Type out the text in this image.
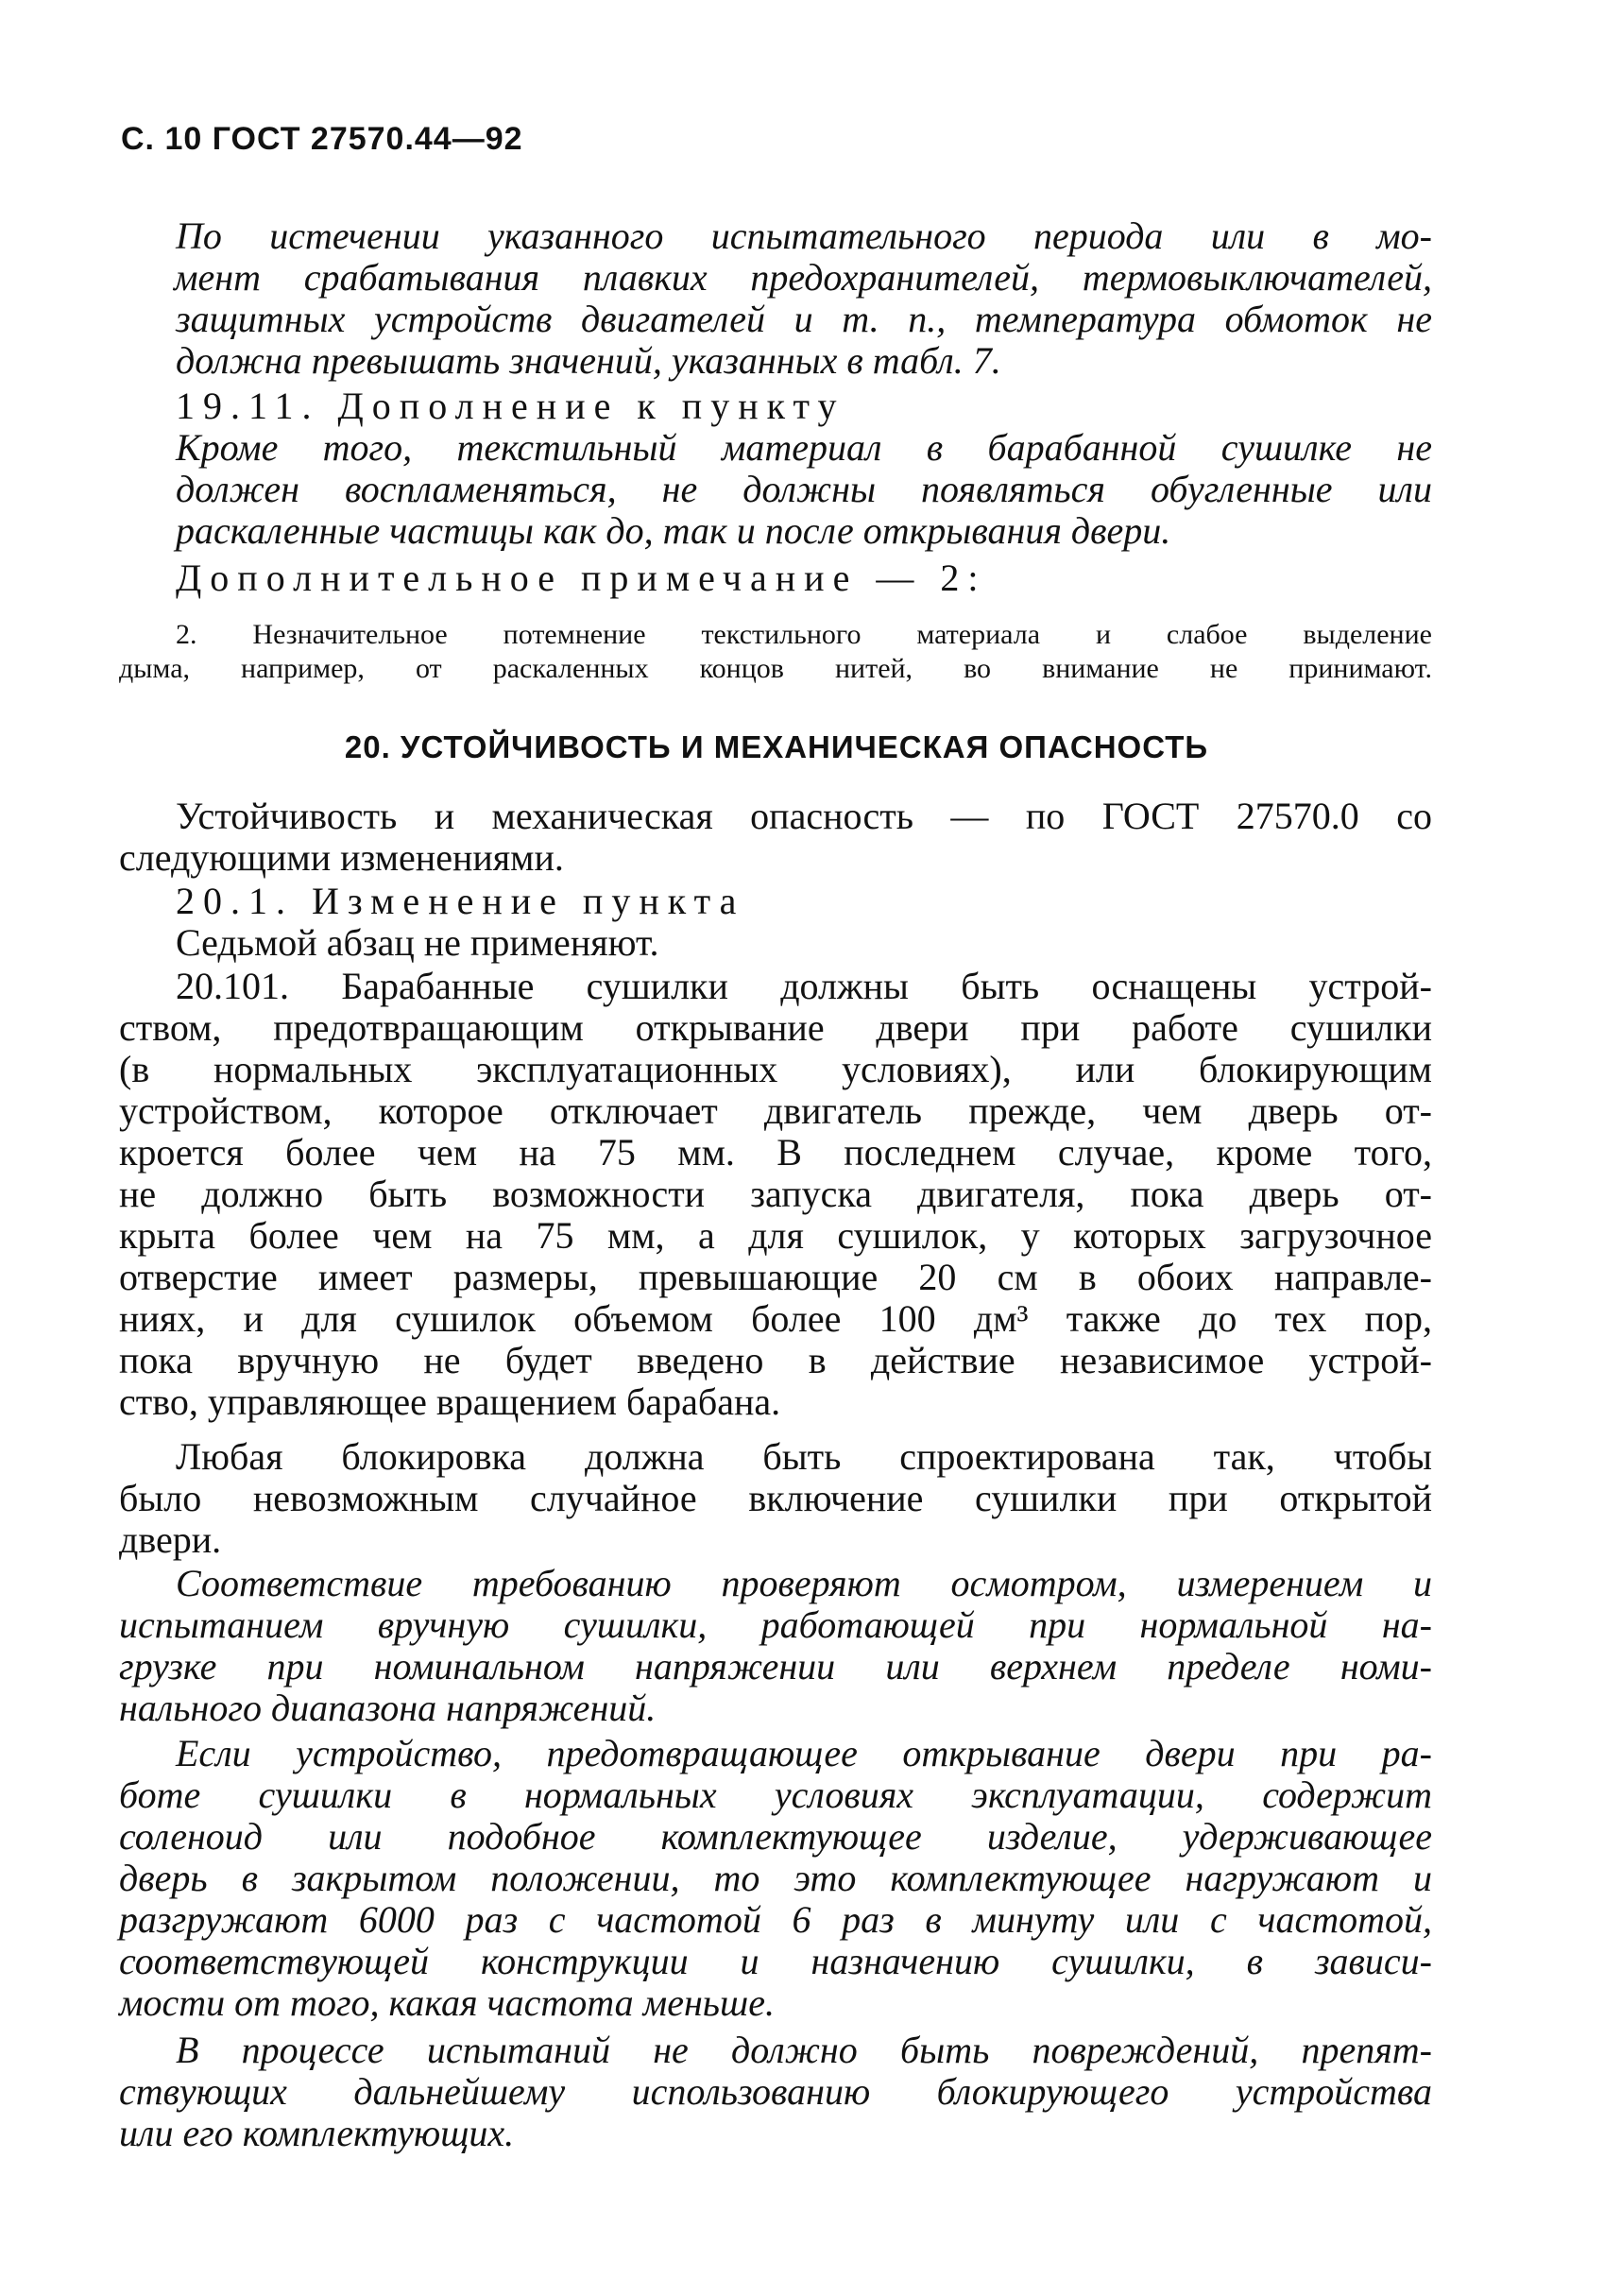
С. 10 ГОСТ 27570.44—92
По истечении указанного испытательного периода или в мо-
мент срабатывания плавких предохранителей, термовыключателей,
защитных устройств двигателей и т. п., температура обмоток не
должна превышать значений, указанных в табл. 7.
19.11. Дополнение к пункту
Кроме того, текстильный материал в барабанной сушилке не
должен воспламеняться, не должны появляться обугленные или
раскаленные частицы как до, так и после открывания двери.
Дополнительное примечание — 2:
2. Незначительное потемнение текстильного материала и слабое выделение
дыма, например, от раскаленных концов нитей, во внимание не принимают.
20. УСТОЙЧИВОСТЬ И МЕХАНИЧЕСКАЯ ОПАСНОСТЬ
Устойчивость и механическая опасность — по ГОСТ 27570.0 со
следующими изменениями.
20.1. Изменение пункта
Седьмой абзац не применяют.
20.101. Барабанные сушилки должны быть оснащены устрой-
ством, предотвращающим открывание двери при работе сушилки
(в нормальных эксплуатационных условиях), или блокирующим
устройством, которое отключает двигатель прежде, чем дверь от-
кроется более чем на 75 мм. В последнем случае, кроме того,
не должно быть возможности запуска двигателя, пока дверь от-
крыта более чем на 75 мм, а для сушилок, у которых загрузочное
отверстие имеет размеры, превышающие 20 см в обоих направле-
ниях, и для сушилок объемом более 100 дм³ также до тех пор,
пока вручную не будет введено в действие независимое устрой-
ство, управляющее вращением барабана.
Любая блокировка должна быть спроектирована так, чтобы
было невозможным случайное включение сушилки при открытой
двери.
Соответствие требованию проверяют осмотром, измерением и
испытанием вручную сушилки, работающей при нормальной на-
грузке при номинальном напряжении или верхнем пределе номи-
нального диапазона напряжений.
Если устройство, предотвращающее открывание двери при ра-
боте сушилки в нормальных условиях эксплуатации, содержит
соленоид или подобное комплектующее изделие, удерживающее
дверь в закрытом положении, то это комплектующее нагружают и
разгружают 6000 раз с частотой 6 раз в минуту или с частотой,
соответствующей конструкции и назначению сушилки, в зависи-
мости от того, какая частота меньше.
В процессе испытаний не должно быть повреждений, препят-
ствующих дальнейшему использованию блокирующего устройства
или его комплектующих.
